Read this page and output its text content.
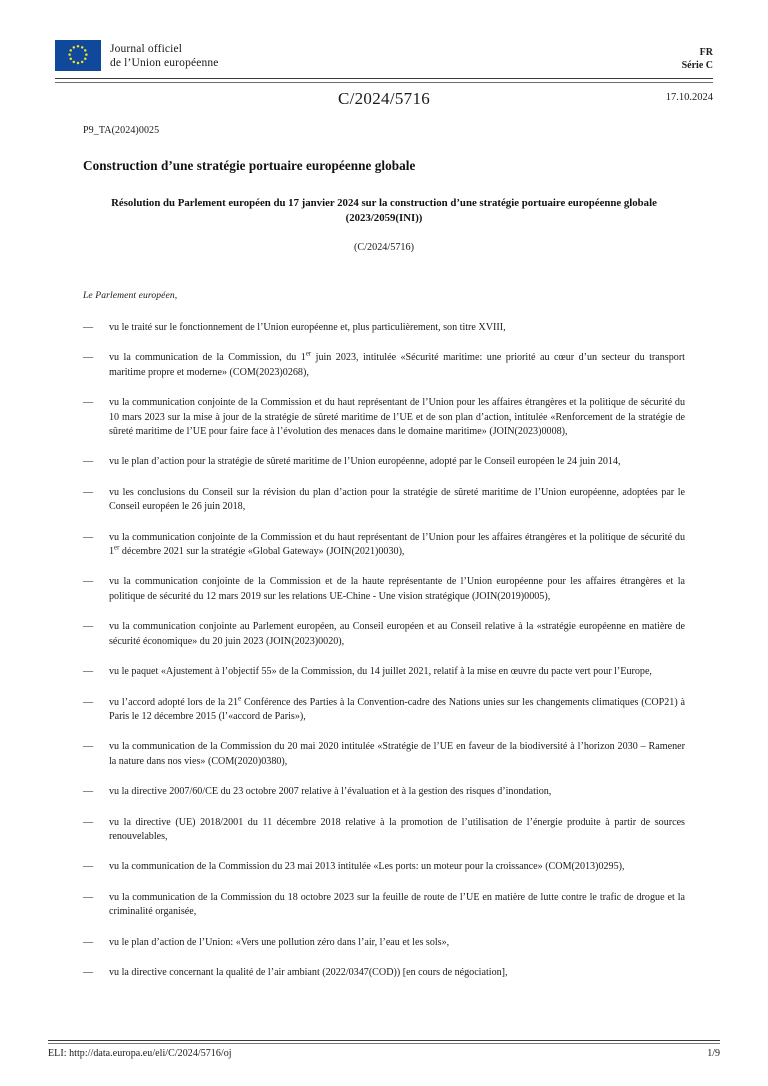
Journal officiel
de l’Union européenne
FR
Série C
C/2024/5716	17.10.2024

P9_TA(2024)0025

Construction d’une stratégie portuaire européenne globale

Résolution du Parlement européen du 17 janvier 2024 sur la construction d’une stratégie portuaire européenne globale (2023/2059(INI))

(C/2024/5716)

Le Parlement européen,

—	vu le traité sur le fonctionnement de l’Union européenne et, plus particulièrement, son titre XVIII,
—	vu la communication de la Commission, du 1er juin 2023, intitulée «Sécurité maritime: une priorité au cœur d’un secteur du transport maritime propre et moderne» (COM(2023)0268),
—	vu la communication conjointe de la Commission et du haut représentant de l’Union pour les affaires étrangères et la politique de sécurité du 10 mars 2023 sur la mise à jour de la stratégie de sûreté maritime de l’UE et de son plan d’action, intitulée «Renforcement de la stratégie de sûreté maritime de l’UE pour faire face à l’évolution des menaces dans le domaine maritime» (JOIN(2023)0008),
—	vu le plan d’action pour la stratégie de sûreté maritime de l’Union européenne, adopté par le Conseil européen le 24 juin 2014,
—	vu les conclusions du Conseil sur la révision du plan d’action pour la stratégie de sûreté maritime de l’Union européenne, adoptées par le Conseil européen le 26 juin 2018,
—	vu la communication conjointe de la Commission et du haut représentant de l’Union pour les affaires étrangères et la politique de sécurité du 1er décembre 2021 sur la stratégie «Global Gateway» (JOIN(2021)0030),
—	vu la communication conjointe de la Commission et de la haute représentante de l’Union européenne pour les affaires étrangères et la politique de sécurité du 12 mars 2019 sur les relations UE-Chine - Une vision stratégique (JOIN(2019)0005),
—	vu la communication conjointe au Parlement européen, au Conseil européen et au Conseil relative à la «stratégie européenne en matière de sécurité économique» du 20 juin 2023 (JOIN(2023)0020),
—	vu le paquet «Ajustement à l’objectif 55» de la Commission, du 14 juillet 2021, relatif à la mise en œuvre du pacte vert pour l’Europe,
—	vu l’accord adopté lors de la 21e Conférence des Parties à la Convention-cadre des Nations unies sur les changements climatiques (COP21) à Paris le 12 décembre 2015 (l’«accord de Paris»),
—	vu la communication de la Commission du 20 mai 2020 intitulée «Stratégie de l’UE en faveur de la biodiversité à l’horizon 2030 – Ramener la nature dans nos vies» (COM(2020)0380),
—	vu la directive 2007/60/CE du 23 octobre 2007 relative à l’évaluation et à la gestion des risques d’inondation,
—	vu la directive (UE) 2018/2001 du 11 décembre 2018 relative à la promotion de l’utilisation de l’énergie produite à partir de sources renouvelables,
—	vu la communication de la Commission du 23 mai 2013 intitulée «Les ports: un moteur pour la croissance» (COM(2013)0295),
—	vu la communication de la Commission du 18 octobre 2023 sur la feuille de route de l’UE en matière de lutte contre le trafic de drogue et la criminalité organisée,
—	vu le plan d’action de l’Union: «Vers une pollution zéro dans l’air, l’eau et les sols»,
—	vu la directive concernant la qualité de l’air ambiant (2022/0347(COD)) [en cours de négociation],
ELI: http://data.europa.eu/eli/C/2024/5716/oj	1/9
